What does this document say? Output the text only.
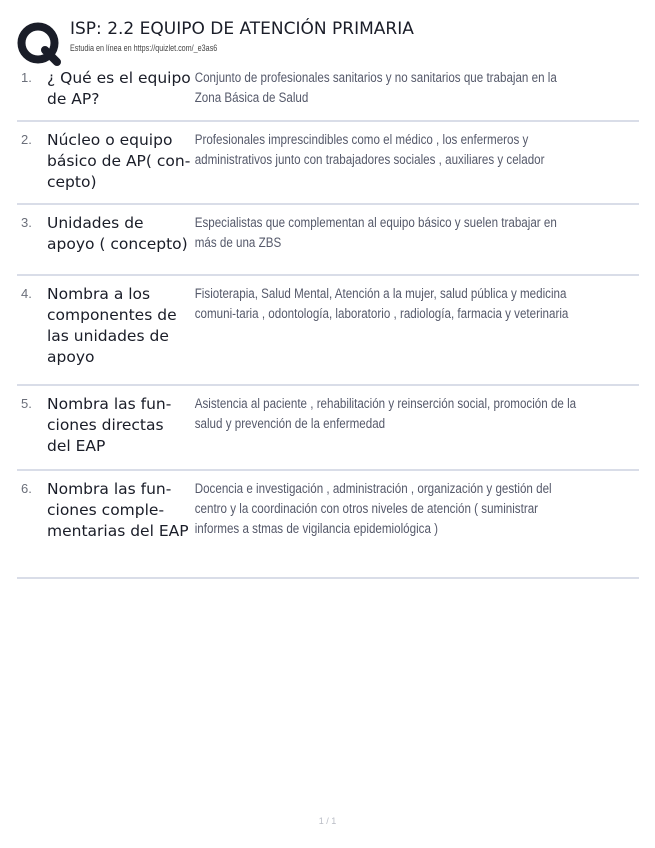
ISP: 2.2 EQUIPO DE ATENCIÓN PRIMARIA
Estudia en línea en https://quizlet.com/_e3as6
1. ¿ Qué es el equipo de AP?
Conjunto de profesionales sanitarios y no sanitarios que trabajan en la Zona Básica de Salud
2. Núcleo o equipo básico de AP( con-cepto)
Profesionales imprescindibles como el médico , los enfermeros y administrativos junto con trabajadores sociales , auxiliares y celador
3. Unidades de apoyo ( concepto)
Especialistas que complementan al equipo básico y suelen trabajar en más de una ZBS
4. Nombra a los componentes de las unidades de apoyo
Fisioterapia, Salud Mental, Atención a la mujer, salud pública y medicina comuni-taria , odontología, laboratorio , radiología, farmacia y veterinaria
5. Nombra las fun-ciones directas del EAP
Asistencia al paciente , rehabilitación y reinserción social, promoción de la salud y prevención de la enfermedad
6. Nombra las fun-ciones comple-mentarias del EAP
Docencia e investigación , administración , organización y gestión del centro y la coordinación con otros niveles de atención ( suministrar informes a stmas de vigilancia epidemiológica )
1 / 1
